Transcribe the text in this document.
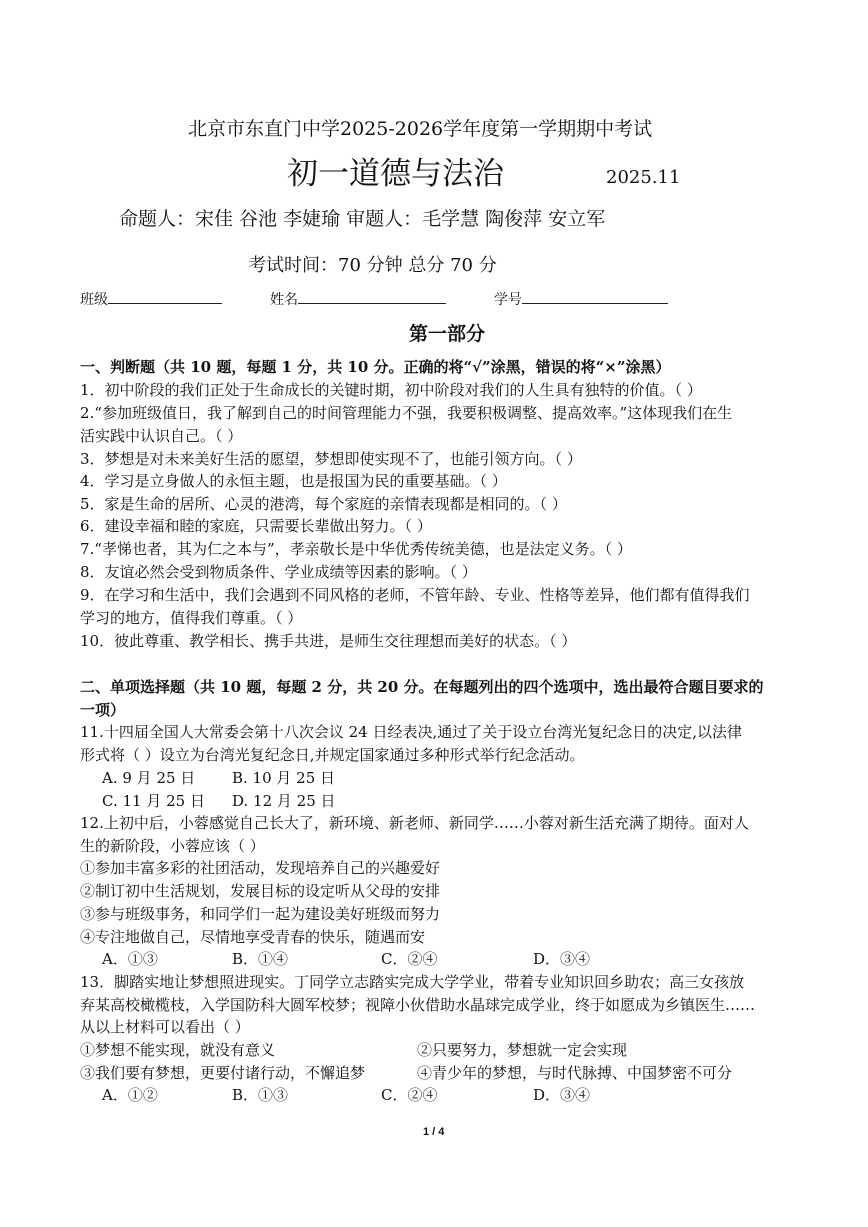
北京市东直门中学2025-2026学年度第一学期期中考试
初一道德与法治	2025.11
命题人：宋佳 谷池 李婕瑜 审题人：毛学慧 陶俊萍 安立军
考试时间：70 分钟 总分 70 分
班级	姓名	学号
第一部分
一、判断题（共 10 题，每题 1 分，共 10 分。正确的将“√”涂黑，错误的将“×”涂黑）
1．初中阶段的我们正处于生命成长的关键时期，初中阶段对我们的人生具有独特的价值。（ ）
2.“参加班级值日，我了解到自己的时间管理能力不强，我要积极调整、提高效率。”这体现我们在生
活实践中认识自己。（ ）
3．梦想是对未来美好生活的愿望，梦想即使实现不了，也能引领方向。（ ）
4．学习是立身做人的永恒主题，也是报国为民的重要基础。（ ）
5．家是生命的居所、心灵的港湾，每个家庭的亲情表现都是相同的。（ ）
6．建设幸福和睦的家庭，只需要长辈做出努力。（ ）
7.“孝悌也者，其为仁之本与”，孝亲敬长是中华优秀传统美德，也是法定义务。（ ）
8．友谊必然会受到物质条件、学业成绩等因素的影响。（ ）
9．在学习和生活中，我们会遇到不同风格的老师，不管年龄、专业、性格等差异，他们都有值得我们
学习的地方，值得我们尊重。（ ）
10．彼此尊重、教学相长、携手共进，是师生交往理想而美好的状态。（ ）
二、单项选择题（共 10 题，每题 2 分，共 20 分。在每题列出的四个选项中，选出最符合题目要求的
一项）
11.十四届全国人大常委会第十八次会议 24 日经表决,通过了关于设立台湾光复纪念日的决定,以法律
形式将（ ）设立为台湾光复纪念日,并规定国家通过多种形式举行纪念活动。
A. 9 月 25 日 B. 10 月 25 日
C. 11 月 25 日 D. 12 月 25 日
12.上初中后，小蓉感觉自己长大了，新环境、新老师、新同学……小蓉对新生活充满了期待。面对人
生的新阶段，小蓉应该（ ）
①参加丰富多彩的社团活动，发现培养自己的兴趣爱好
②制订初中生活规划，发展目标的设定听从父母的安排
③参与班级事务，和同学们一起为建设美好班级而努力
④专注地做自己，尽情地享受青春的快乐，随遇而安
A．①③	B．①④	C．②④	D．③④
13．脚踏实地让梦想照进现实。丁同学立志踏实完成大学学业，带着专业知识回乡助农；高三女孩放
弃某高校橄榄枝，入学国防科大圆军校梦；视障小伙借助水晶球完成学业，终于如愿成为乡镇医生……
从以上材料可以看出（ ）
①梦想不能实现，就没有意义	②只要努力，梦想就一定会实现
③我们要有梦想，更要付诸行动，不懈追梦	④青少年的梦想，与时代脉搏、中国梦密不可分
A．①②	B．①③	C．②④	D．③④
1 / 4
